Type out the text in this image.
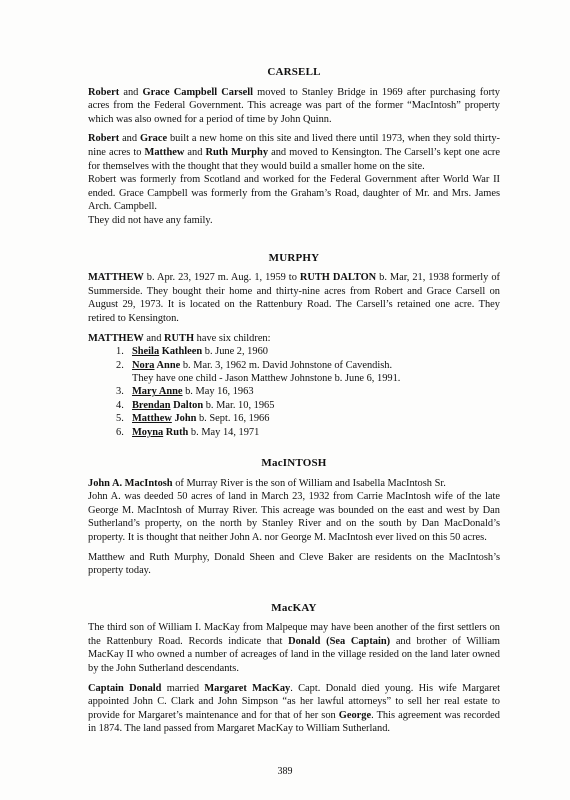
CARSELL

Robert and Grace Campbell Carsell moved to Stanley Bridge in 1969 after purchasing forty acres from the Federal Government. This acreage was part of the former “MacIntosh” property which was also owned for a period of time by John Quinn.

Robert and Grace built a new home on this site and lived there until 1973, when they sold thirty-nine acres to Matthew and Ruth Murphy and moved to Kensington. The Carsell’s kept one acre for themselves with the thought that they would build a smaller home on the site.

Robert was formerly from Scotland and worked for the Federal Government after World War II ended. Grace Campbell was formerly from the Graham’s Road, daughter of Mr. and Mrs. James Arch. Campbell.

They did not have any family.

MURPHY

MATTHEW b. Apr. 23, 1927 m. Aug. 1, 1959 to RUTH DALTON b. Mar, 21, 1938 formerly of Summerside. They bought their home and thirty-nine acres from Robert and Grace Carsell on August 29, 1973. It is located on the Rattenbury Road. The Carsell’s retained one acre. They retired to Kensington.

MATTHEW and RUTH have six children:

1. Sheila Kathleen b. June 2, 1960
2. Nora Anne b. Mar. 3, 1962 m. David Johnstone of Cavendish.
They have one child - Jason Matthew Johnstone b. June 6, 1991.
3. Mary Anne b. May 16, 1963
4. Brendan Dalton b. Mar. 10, 1965
5. Matthew John b. Sept. 16, 1966
6. Moyna Ruth b. May 14, 1971
MacINTOSH

John A. MacIntosh of Murray River is the son of William and Isabella MacIntosh Sr.

John A. was deeded 50 acres of land in March 23, 1932 from Carrie MacIntosh wife of the late George M. MacIntosh of Murray River. This acreage was bounded on the east and west by Dan Sutherland’s property, on the north by Stanley River and on the south by Dan MacDonald’s property. It is thought that neither John A. nor George M. MacIntosh ever lived on this 50 acres.

Matthew and Ruth Murphy, Donald Sheen and Cleve Baker are residents on the MacIntosh’s property today.

MacKAY

The third son of William I. MacKay from Malpeque may have been another of the first settlers on the Rattenbury Road. Records indicate that Donald (Sea Captain) and brother of William MacKay II who owned a number of acreages of land in the village resided on the land later owned by the John Sutherland descendants.

Captain Donald married Margaret MacKay. Capt. Donald died young. His wife Margaret appointed John C. Clark and John Simpson “as her lawful attorneys” to sell her real estate to provide for Margaret’s maintenance and for that of her son George. This agreement was recorded in 1874. The land passed from Margaret MacKay to William Sutherland.

389
